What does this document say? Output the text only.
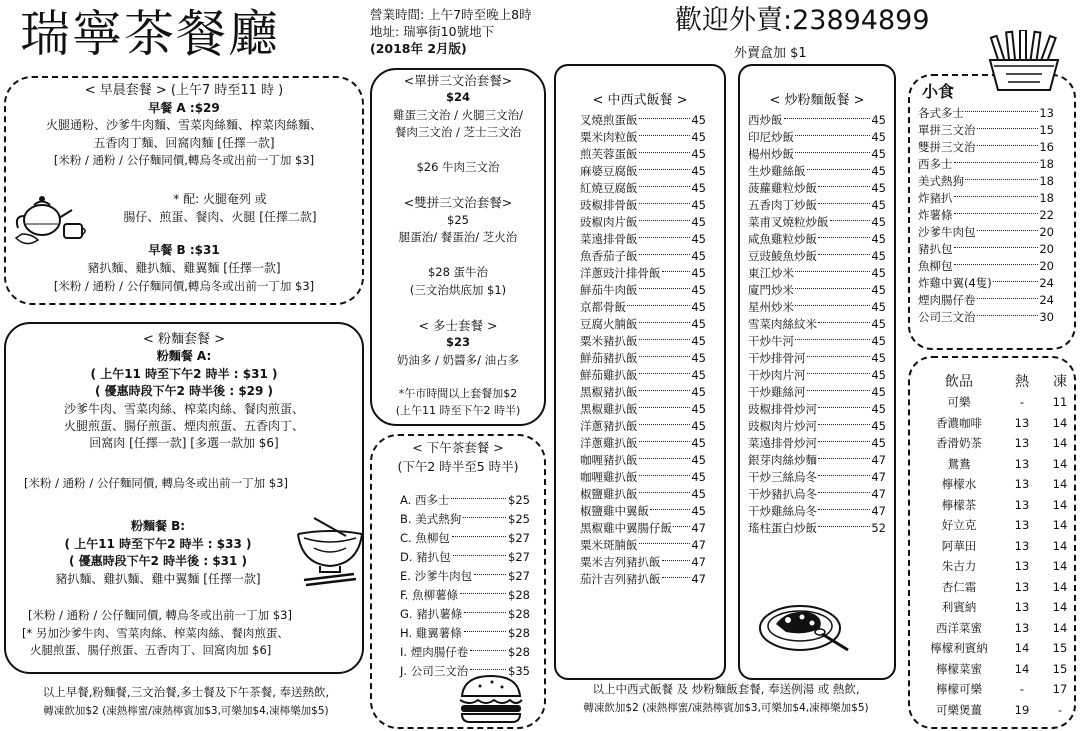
瑞寧茶餐廳	營業時間: 上午7時至晚上8時
地址: 瑞寧街10號地下
(2018年 2月版)
歡迎外賣:23894899
外賣盒加 $1
< 早晨套餐 > (上午7 時至11 時 )
早餐 A :$29
火腿通粉、沙爹牛肉麵、雪菜肉絲麵、榨菜肉絲麵、
五香肉丁麵、回窩肉麵 [任擇一款]
[米粉 / 通粉 / 公仔麵同價,轉烏冬或出前一丁加 $3]
* 配: 火腿奄列 或
腸仔、煎蛋、餐肉、火腿 [任擇二款]
早餐 B :$31
豬扒麵、雞扒麵、雞翼麵 [任擇一款]
[米粉 / 通粉 / 公仔麵同價,轉烏冬或出前一丁加 $3]
< 粉麵套餐 >
粉麵餐 A:
( 上午11 時至下午2 時半 : $31 )
( 優惠時段下午2 時半後 : $29 )
沙爹牛肉、雪菜肉絲、榨菜肉絲、餐肉煎蛋、
火腿煎蛋、腸仔煎蛋、煙肉煎蛋、五香肉丁、
回窩肉 [任擇一款] [多選一款加 $6]
[米粉 / 通粉 / 公仔麵同價, 轉烏冬或出前一丁加 $3]
粉麵餐 B:
( 上午11 時至下午2 時半 : $33 )
( 優惠時段下午2 時半後 : $31 )
豬扒麵、雞扒麵、雞中翼麵 [任擇一款]
[米粉 / 通粉 / 公仔麵同價, 轉烏冬或出前一丁加 $3]
[* 另加沙爹牛肉、雪菜肉絲、榨菜肉絲、餐肉煎蛋、
火腿煎蛋、腸仔煎蛋、五香肉丁、回窩肉加 $6]
以上早餐,粉麵餐,三文治餐,多士餐及下午茶餐, 奉送熱飲,
轉凍飲加$2 (凍熱檸蜜/凍熱檸賓加$3,可樂加$4,凍檸樂加$5)
<單拼三文治套餐>
$24
雞蛋三文治 / 火腿三文治/
餐肉三文治 / 芝士三文治
$26 牛肉三文治
<雙拼三文治套餐>
$25
腿蛋治/ 餐蛋治/ 芝火治
$28 蛋牛治
(三文治烘底加 $1)
< 多士套餐 >
$23
奶油多 / 奶醬多/ 油占多
*午市時間以上套餐加$2
(上午11 時至下午2 時半)
< 下午茶套餐 >
(下午2 時半至5 時半)
A. 西多士	$25
B. 美式熱狗	$25
C. 魚柳包	$27
D. 豬扒包	$27
E. 沙爹牛肉包	$27
F. 魚柳薯條	$28
G. 豬扒薯條	$28
H. 雞翼薯條	$28
I. 煙肉腸仔卷	$28
J. 公司三文治	$35
< 中西式飯餐 >
叉燒煎蛋飯	45
粟米肉粒飯	45
煎芙蓉蛋飯	45
麻婆豆腐飯	45
紅燒豆腐飯	45
豉椒排骨飯	45
豉椒肉片飯	45
菜遠排骨飯	45
魚香茄子飯	45
洋蔥豉汁排骨飯	45
鮮茄牛肉飯	45
京都骨飯	45
豆腐火腩飯	45
粟米豬扒飯	45
鮮茄豬扒飯	45
鮮茄雞扒飯	45
黑椒豬扒飯	45
黑椒雞扒飯	45
洋蔥豬扒飯	45
洋蔥雞扒飯	45
咖喱豬扒飯	45
咖喱雞扒飯	45
椒鹽雞扒飯	45
椒鹽雞中翼飯	45
黑椒雞中翼腸仔飯 47
粟米斑腩飯	47
粟米吉列豬扒飯	47
茄汁吉列豬扒飯	47
< 炒粉麵飯餐 >
西炒飯	45
印尼炒飯	45
楊州炒飯	45
生炒雞絲飯	45
菠蘿雞粒炒飯	45
五香肉丁炒飯	45
菜甫叉燒粒炒飯	45
咸魚雞粒炒飯	45
豆豉鯪魚炒飯	45
東江炒米	45
廈門炒米	45
星州炒米	45
雪菜肉絲紋米	45
干炒牛河	45
干炒排骨河	45
干炒肉片河	45
干炒雞絲河	45
豉椒排骨炒河	45
豉椒肉片炒河	45
菜遠排骨炒河	45
銀芽肉絲炒麵	47
干炒三絲烏冬	47
干炒豬扒烏冬	47
干炒雞絲烏冬	47
瑤柱蛋白炒飯	52
以上中西式飯餐 及 炒粉麵飯套餐, 奉送例湯 或 熱飲,
轉凍飲加$2 (凍熱檸蜜/凍熱檸賓加$3,可樂加$4,凍檸樂加$5)
小食
各式多士	13
單拼三文治	15
雙拼三文治	16
西多士	18
美式熱狗	18
炸豬扒	18
炸薯條	22
沙爹牛肉包	20
豬扒包	20
魚柳包	20
炸雞中翼(4隻)	24
煙肉腸仔卷	24
公司三文治	30
飲品	熱	凍
可樂	-	11
香濃咖啡	13	14
香滑奶茶	13	14
鴛鴦	13	14
檸檬水	13	14
檸檬茶	13	14
好立克	13	14
阿華田	13	14
朱古力	13	14
杏仁霜	13	14
利賓納	13	14
西洋菜蜜	13	14
檸檬利賓納	14	15
檸檬菜蜜	14	15
檸檬可樂	-	17
可樂煲薑	19	-
